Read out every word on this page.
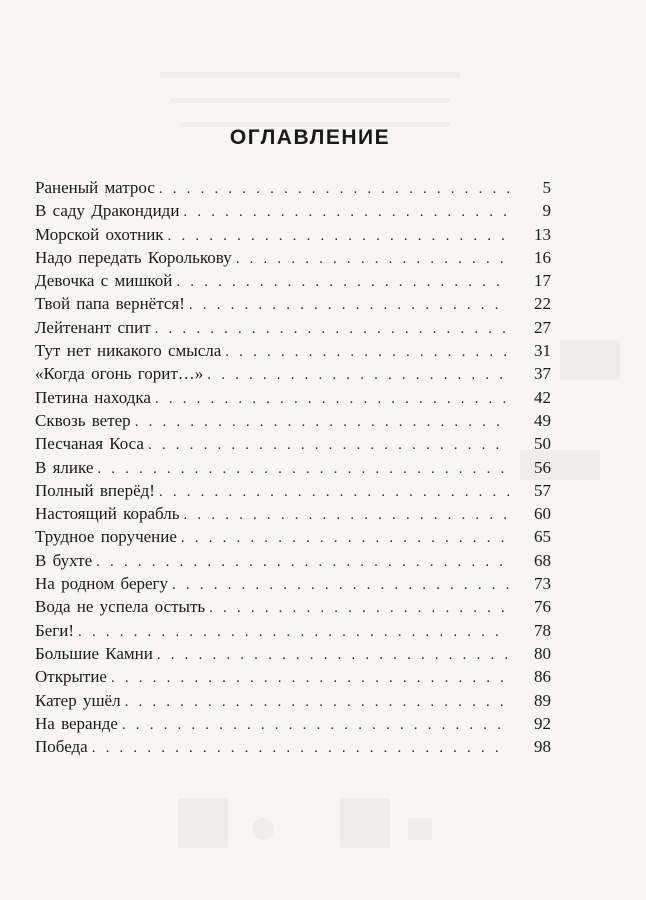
ОГЛАВЛЕНИЕ
Раненый матрос . . .	5
В саду Дракондиди . . .	9
Морской охотник . . .	13
Надо передать Королькову . . .	16
Девочка с мишкой . . .	17
Твой папа вернётся! . . .	22
Лейтенант спит . . .	27
Тут нет никакого смысла . . .	31
«Когда огонь горит…» . . .	37
Петина находка . . .	42
Сквозь ветер . . .	49
Песчаная Коса . . .	50
В ялике . . .	56
Полный вперёд! . . .	57
Настоящий корабль . . .	60
Трудное поручение . . .	65
В бухте . . .	68
На родном берегу . . .	73
Вода не успела остыть . . .	76
Беги! . . .	78
Большие Камни . . .	80
Открытие . . .	86
Катер ушёл . . .	89
На веранде . . .	92
Победа . . .	98
